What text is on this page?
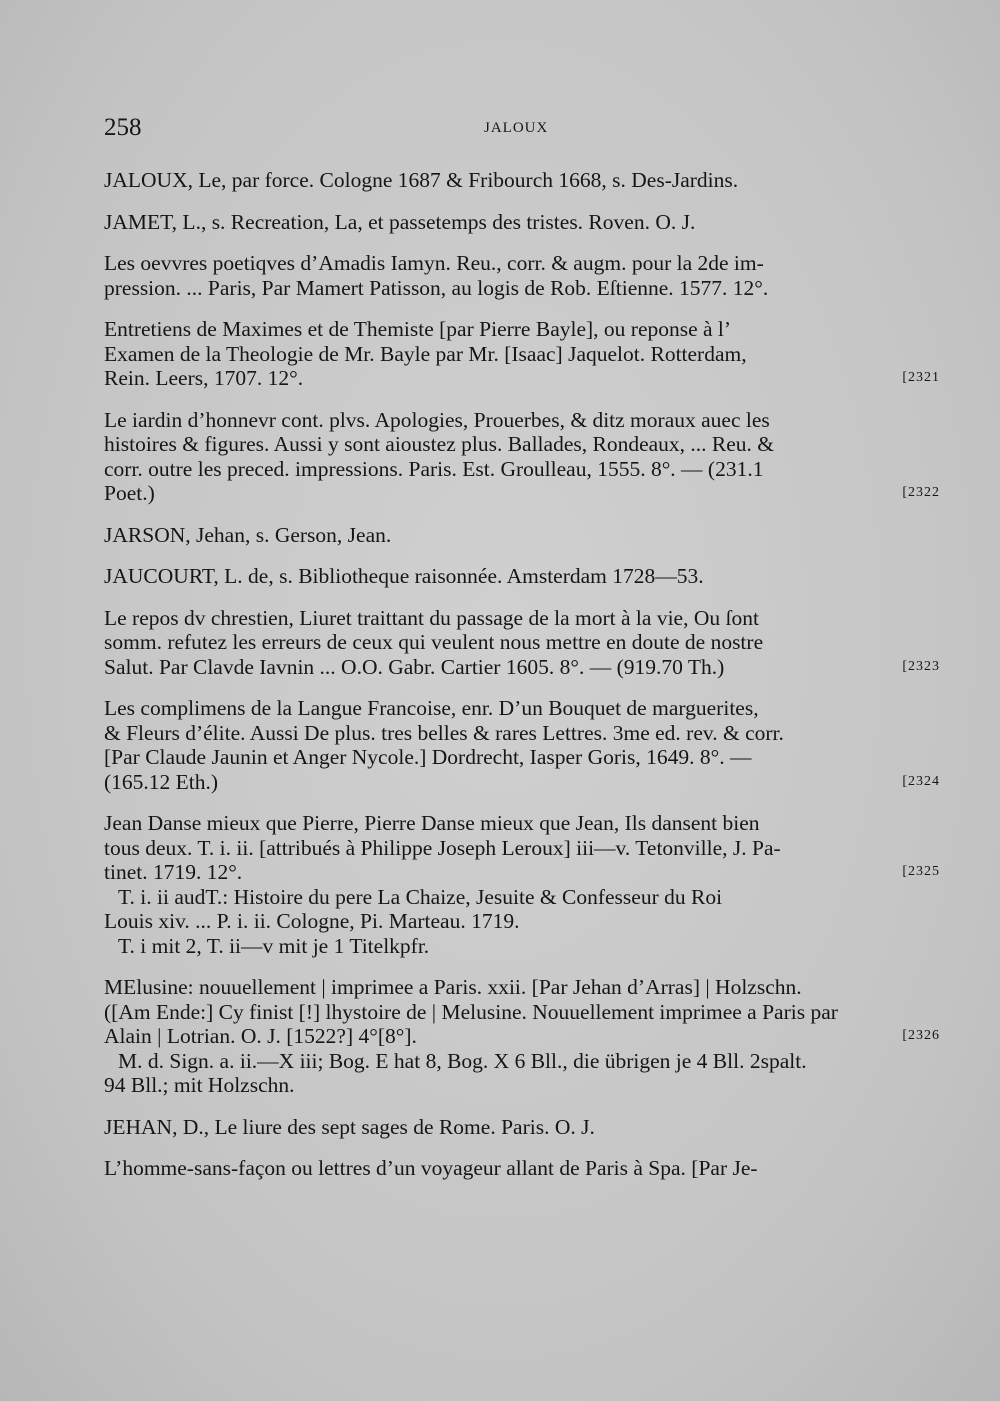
258	JALOUX
JALOUX, Le, par force. Cologne 1687 & Fribourch 1668, s. Des-Jardins.
JAMET, L., s. Recreation, La, et passetemps des tristes. Roven. O. J.
Les oevvres poetiqves d’Amadis Iamyn. Reu., corr. & augm. pour la 2de im-
pression. ... Paris, Par Mamert Patisson, au logis de Rob. Eſtienne. 1577. 12°.
Entretiens de Maximes et de Themiste [par Pierre Bayle], ou reponse à l’
Examen de la Theologie de Mr. Bayle par Mr. [Isaac] Jaquelot. Rotterdam,
[2321
Rein. Leers, 1707. 12°.
Le iardin d’honnevr cont. plvs. Apologies, Prouerbes, & ditz moraux auec les
histoires & figures. Aussi y sont aioustez plus. Ballades, Rondeaux, ... Reu. &
corr. outre les preced. impressions. Paris. Est. Groulleau, 1555. 8°. — (231.1
[2322
Poet.)
JARSON, Jehan, s. Gerson, Jean.
JAUCOURT, L. de, s. Bibliotheque raisonnée. Amsterdam 1728—53.
Le repos dv chrestien, Liuret traittant du passage de la mort à la vie, Ou ſont
somm. refutez les erreurs de ceux qui veulent nous mettre en doute de nostre
[2323
Salut. Par Clavde Iavnin ... O.O. Gabr. Cartier 1605. 8°. — (919.70 Th.)
Les complimens de la Langue Francoise, enr. D’un Bouquet de marguerites,
& Fleurs d’élite. Aussi De plus. tres belles & rares Lettres. 3me ed. rev. & corr.
[Par Claude Jaunin et Anger Nycole.] Dordrecht, Iasper Goris, 1649. 8°. —
[2324
(165.12 Eth.)
Jean Danse mieux que Pierre, Pierre Danse mieux que Jean, Ils dansent bien
tous deux. T. i. ii. [attribués à Philippe Joseph Leroux] iii—v. Tetonville, J. Pa-
[2325
tinet. 1719. 12°.
T. i. ii audT.: Histoire du pere La Chaize, Jesuite & Confesseur du Roi
Louis xiv. ... P. i. ii. Cologne, Pi. Marteau. 1719.
T. i mit 2, T. ii—v mit je 1 Titelkpfr.
MElusine: nouuellement | imprimee a Paris. xxii. [Par Jehan d’Arras] | Holzschn.
([Am Ende:] Cy finist [!] lhystoire de | Melusine. Nouuellement imprimee a Paris par
[2326
Alain | Lotrian. O. J. [1522?] 4°[8°].
M. d. Sign. a. ii.—X iii; Bog. E hat 8, Bog. X 6 Bll., die übrigen je 4 Bll. 2spalt.
94 Bll.; mit Holzschn.
JEHAN, D., Le liure des sept sages de Rome. Paris. O. J.
L’homme-sans-façon ou lettres d’un voyageur allant de Paris à Spa. [Par Je-
